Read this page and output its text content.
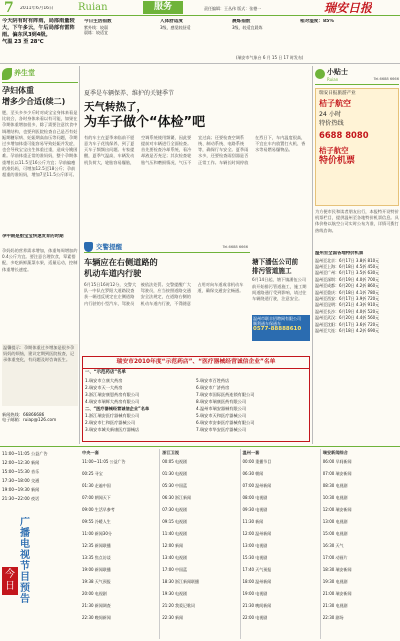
7 2011年6月16日 Ruian	服务	责任编辑：王丛伟 版式：张德一	瑞安日报
今天阴有时有阵雨，局部雨量较大，下午多云，午后局部有雷阵雨。偏东风3到4级。
气温 23 至 28℃
今日生活指数
紫外线：较弱
晨练：较适宜
人体舒适度
3级，感觉较舒适
晨炼指数
3级，较适宜晨炼
相对湿度：85%
(瑞安市气象台 6 月 15 日 17 时发布)
养生堂
孕妇体重
增多少合适(续二)
肥，至头多多少斤时对成宝宝身体来看是比较合，各时身体来看以有可能，如果在孕期体重增加很多，除了需要注意饮食中调理结构，也要到医院检查自己是否有妊娠期糖尿病、妊娠期高血压等问题，孕期过多增加体重可能容易导致妊娠并发症，也会导致宝宝出生体重过重，造成分娩困难。孕前体重正常的准妈妈，整个孕期体重增长以11.5至16公斤为宜；孕前偏瘦的准妈妈，可增加12.5至18公斤；孕前超重的准妈妈，增加7至11.5公斤即可。
孕中期是胎宝宝快速发育的时期
孕妈妈的营养需求增加，体重每周增加约0.4公斤为宜。要注意合理饮食，荤素搭配，多吃新鲜蔬菜水果，适量运动，控制体重增长速度。
温馨提示：孕期体重过多增加是很多孕妈妈的烦恼，建议定期到医院检查，记录体重变化，有问题及时咨询医生。
新闻热线：66866686
电子邮箱：ruiap@126.com
夏季是车辆保养、维护的关键季节
天气转热了，
为车子做个“体检”吧
有的车主在夏季来临前不愿意为车子花钱保养，到了夏天车子频频出问题。专家提醒，夏季气温高，车辆发动机负荷大，轮胎容易爆胎，空调系统使用频繁，因此要提前对车辆进行全面检查。首先要检查冷却系统，看冷却液是否充足；其次检查轮胎气压和磨损情况，气压不宜过高；还要检查空调系统、制动系统、电路系统等，确保行车安全。夏季雨水多，还要检查雨刮器是否正常工作。车辆长时间停放在烈日下，车内温度很高，不宜在车内放置打火机、香水等易燃易爆物品。
交警提醒	Tel.6688 6666
车辆应在右侧道路的
机动车道内行驶
6月15日16时12分，交警大队一中队在罗阳大道路段查获一辆违反规定在左侧道路内行驶的小型汽车，驾驶员被依法处罚。交警提醒广大驾驶员，应当按照道路交通安全法规定，在道路右侧的机动车道内行驶，不得随意占用对向车道或非机动车道，确保交通安全畅通。
塘下潘伍公司前
排污管道施工
6月14日起，塘下镇潘伍公司前开始排污管道施工，施工期间道路通行受到影响，请过往车辆绕道行驶，注意安全。
温州市联丰招聘网有限公司
顺利通车保通车
0577-88888610
小贴士
Ruian	Tel.6688 6666
瑞安日报旅游产业
桔子航空
24 小时
特价热线
6688 8080
桔子航空
特价机票
为方便市民和读者朋友出行，本报特开设特价机票栏目，提供温州至各地特价机票信息。具体价格以航空公司实时公布为准，详情可拨打热线咨询。
温州至全国各地特价机票
温州至北京：6月17日 3.8折 810元
温州至上海：6月18日 4.5折 450元
温州至广州：6月17日 3.5折 630元
温州至深圳：6月19日 4.0折 700元
温州至成都：6月20日 4.2折 860元
温州至重庆：6月18日 4.1折 780元
温州至西安：6月17日 3.9折 720元
温州至昆明：6月21日 4.3折 910元
温州至长沙：6月19日 4.0折 520元
温州至武汉：6月20日 4.4折 560元
温州至沈阳：6月17日 3.6折 720元
温州至大连：6月18日 4.2折 690元
瑞安市2010年度“示范药店”、“医疗器械经营诚信企业”名单
一、“示范药店”名单
1.瑞安市立康大药房
2.瑞安市天一大药房
3.浙江瑞安康恩药房有限公司
4.瑞安市瑞辉大药房有限公司
二、“医疗器械经营诚信企业”名单
1.浙江瑞安医疗器械有限公司
2.瑞安市仁和医疗器械公司
3.瑞安市城关新康医疗器械店
5.瑞安市百姓药店
6.瑞安市广济药房
7.瑞安市国际医药连锁有限公司
8.瑞安市瑞康医药有限公司
4.温州市瑞安器械有限公司
5.瑞安市天和医疗器械公司
6.瑞安市安泰医疗器械有限公司
7.瑞安市华安医疗器械公司
11:00~11:05 公益广告
12:00~12:30 新闻
15:00~15:30 音乐
17:30~18:00 交通
19:00~19:30 新闻
21:30~22:00 夜话
广播电视节目预告
今日
中央一套
11:00~11:05 公益广告
00:25 寻宝
01:30 走遍中国
07:00 朝闻天下
09:00 生活早参考
09:55 冷暖人生
11:00 新闻30分
12:35 新闻联播
13:35 焦点访谈
19:00 新闻联播
19:38 天气预报
20:00 电视剧
21:30 新闻调查
22:30 晚间新闻
浙江卫视
00:05 电视剧
01:30 电视剧
05:30 中国蓝
06:30 浙江新闻
07:30 电视剧
09:15 电视剧
11:40 电视剧
12:00 新闻
13:40 电视剧
17:00 中国蓝
18:30 浙江新闻联播
19:30 电视剧
21:20 我爱记歌词
22:30 新闻
温州一套
00:00 重播节目
06:30 朝闻
07:00 温州新闻
08:00 电视剧
09:30 电视剧
11:30 新闻
12:00 温州新闻
13:00 电视剧
15:30 电视剧
17:40 天气预报
18:00 温州新闻
19:00 电视剧
21:30 晚间新闻
22:00 电视剧
瑞安新闻综合
06:00 早间新闻
07:00 瑞安新闻
08:30 电视剧
10:30 电视剧
12:00 瑞安新闻
13:00 电视剧
15:00 电视剧
16:30 天气
17:00 动画片
18:30 瑞安新闻
19:30 电视剧
21:00 瑞安新闻
21:30 电视剧
22:30 剧场
